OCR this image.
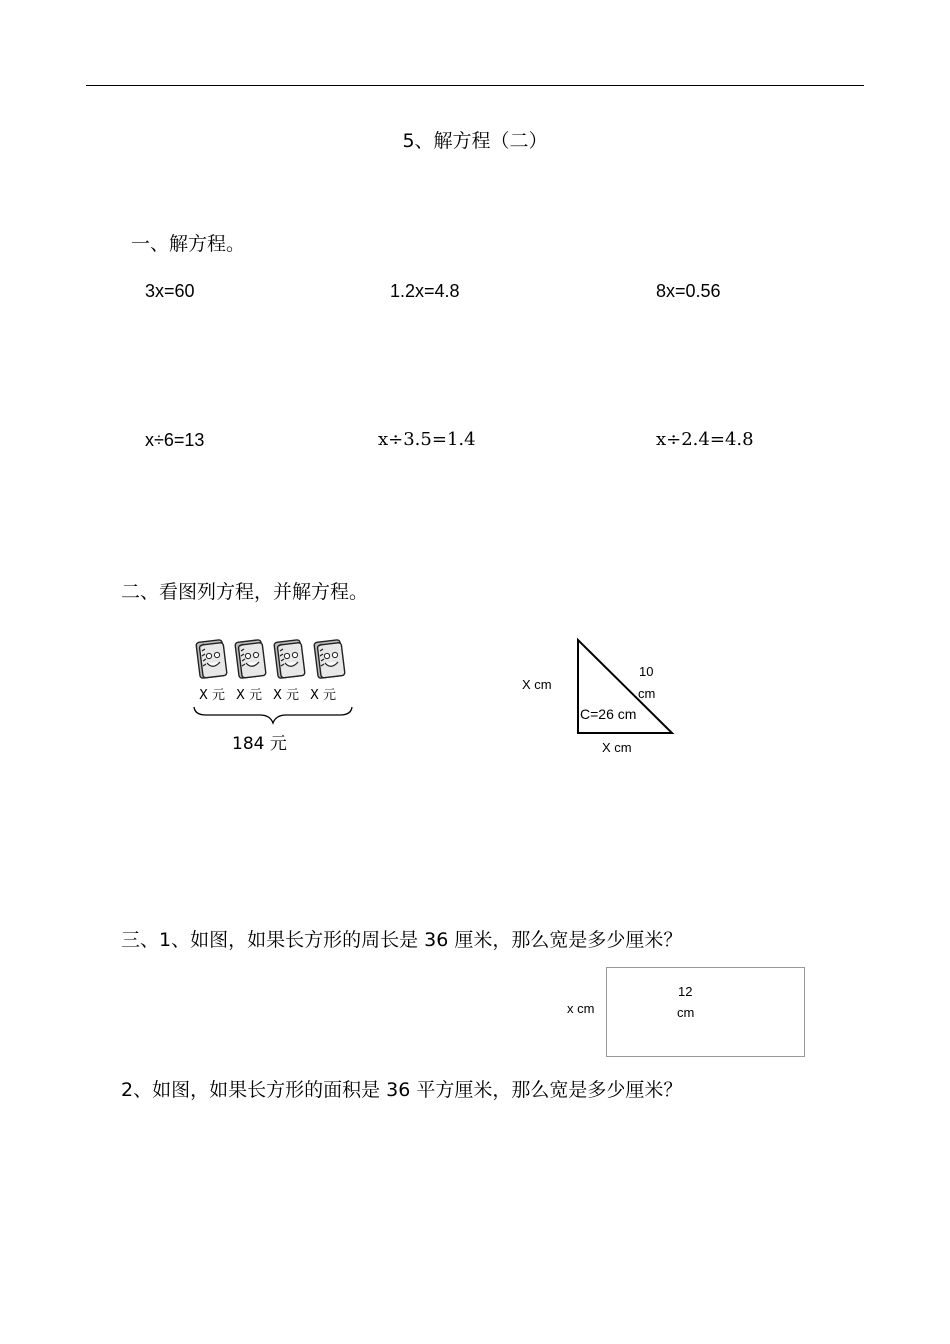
5、解方程（二）
一、解方程。
3x=60	1.2x=4.8	8x=0.56
x÷6=13	x÷3.5=1.4	x÷2.4=4.8
二、看图列方程，并解方程。
X 元 X 元 X 元 X 元
184 元
X cm
10
cm
C=26 cm
X cm
三、1、如图，如果长方形的周长是 36 厘米，那么宽是多少厘米？
x cm
12
cm
2、如图，如果长方形的面积是 36 平方厘米，那么宽是多少厘米？
